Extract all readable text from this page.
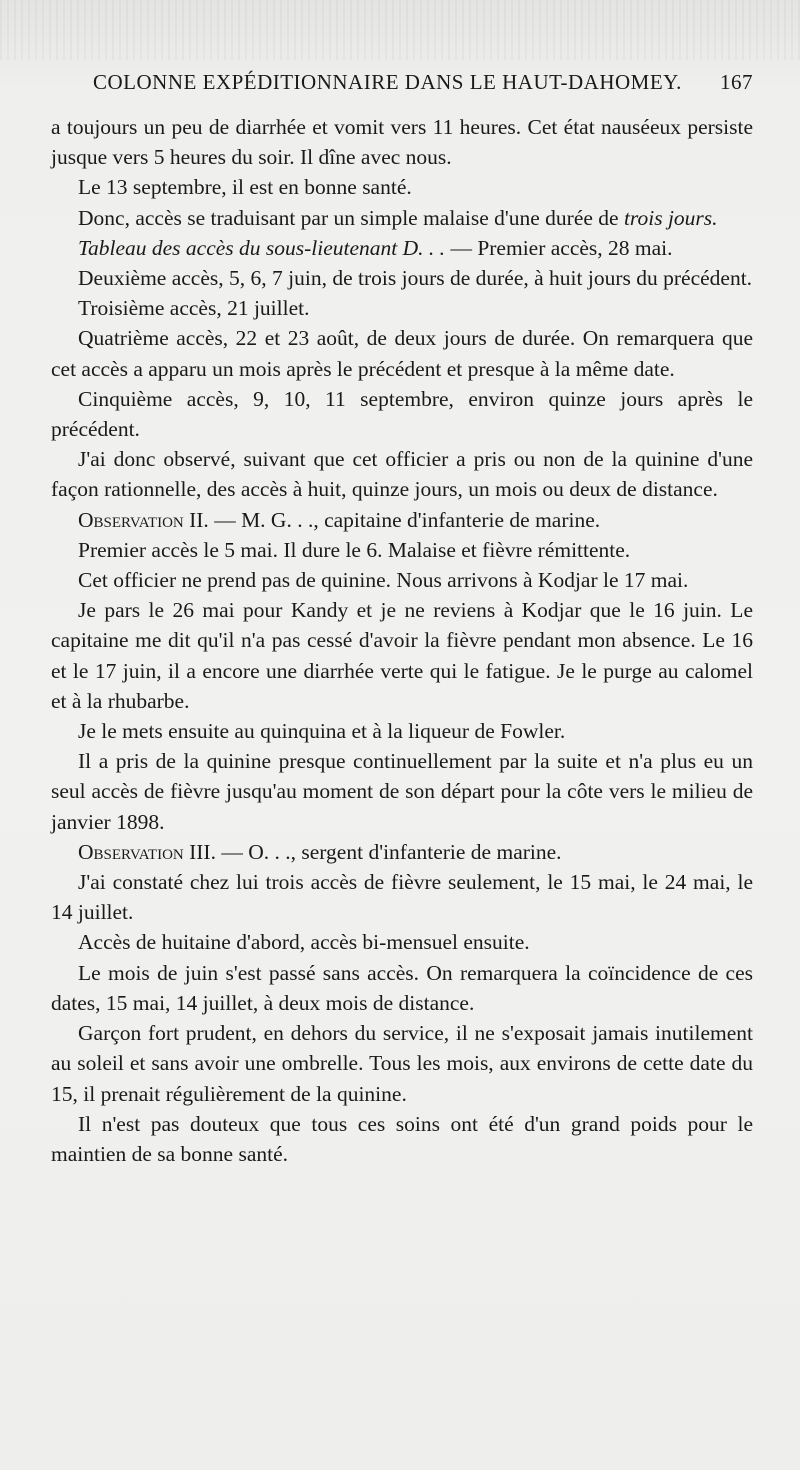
COLONNE EXPÉDITIONNAIRE DANS LE HAUT-DAHOMEY. 167

a toujours un peu de diarrhée et vomit vers 11 heures. Cet état nauséeux persiste jusque vers 5 heures du soir. Il dîne avec nous.

Le 13 septembre, il est en bonne santé.

Donc, accès se traduisant par un simple malaise d'une durée de trois jours.

Tableau des accès du sous-lieutenant D. . . — Premier accès, 28 mai.

Deuxième accès, 5, 6, 7 juin, de trois jours de durée, à huit jours du précédent.

Troisième accès, 21 juillet.

Quatrième accès, 22 et 23 août, de deux jours de durée. On remarquera que cet accès a apparu un mois après le précédent et presque à la même date.

Cinquième accès, 9, 10, 11 septembre, environ quinze jours après le précédent.

J'ai donc observé, suivant que cet officier a pris ou non de la quinine d'une façon rationnelle, des accès à huit, quinze jours, un mois ou deux de distance.

Observation II. — M. G. . ., capitaine d'infanterie de marine.

Premier accès le 5 mai. Il dure le 6. Malaise et fièvre rémittente.

Cet officier ne prend pas de quinine. Nous arrivons à Kodjar le 17 mai.

Je pars le 26 mai pour Kandy et je ne reviens à Kodjar que le 16 juin. Le capitaine me dit qu'il n'a pas cessé d'avoir la fièvre pendant mon absence. Le 16 et le 17 juin, il a encore une diarrhée verte qui le fatigue. Je le purge au calomel et à la rhubarbe.

Je le mets ensuite au quinquina et à la liqueur de Fowler.

Il a pris de la quinine presque continuellement par la suite et n'a plus eu un seul accès de fièvre jusqu'au moment de son départ pour la côte vers le milieu de janvier 1898.

Observation III. — O. . ., sergent d'infanterie de marine.

J'ai constaté chez lui trois accès de fièvre seulement, le 15 mai, le 24 mai, le 14 juillet.

Accès de huitaine d'abord, accès bi-mensuel ensuite.

Le mois de juin s'est passé sans accès. On remarquera la coïncidence de ces dates, 15 mai, 14 juillet, à deux mois de distance.

Garçon fort prudent, en dehors du service, il ne s'exposait jamais inutilement au soleil et sans avoir une ombrelle. Tous les mois, aux environs de cette date du 15, il prenait régulièrement de la quinine.

Il n'est pas douteux que tous ces soins ont été d'un grand poids pour le maintien de sa bonne santé.
